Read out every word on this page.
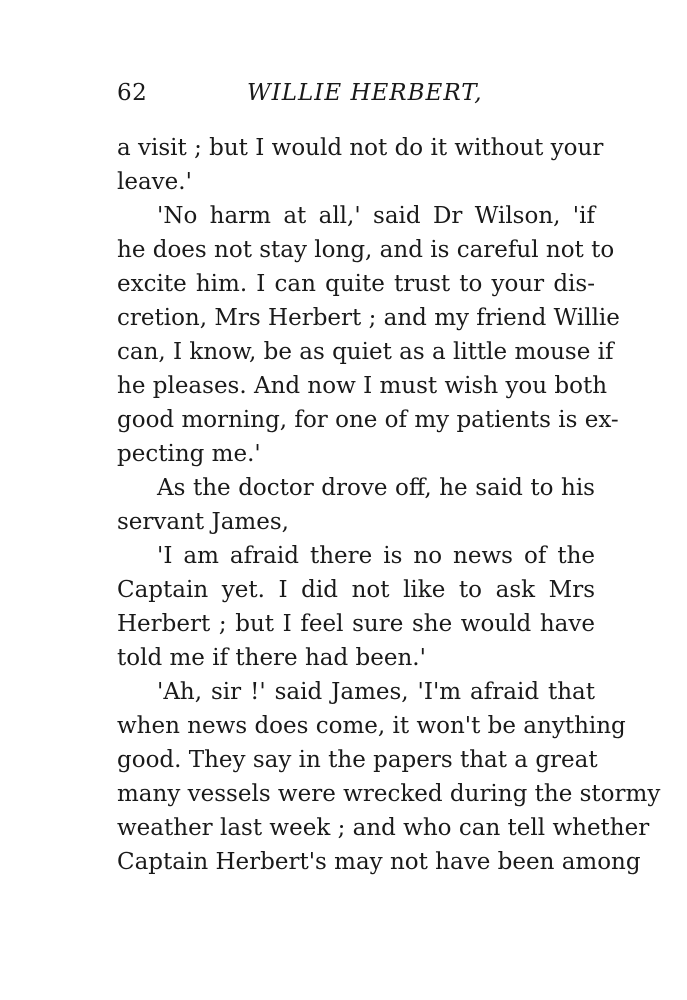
62	WILLIE HERBERT,
a visit ; but I would not do it without your
leave.'
'No harm at all,' said Dr Wilson, 'if
he does not stay long, and is careful not to
excite him. I can quite trust to your dis-
cretion, Mrs Herbert ; and my friend Willie
can, I know, be as quiet as a little mouse if
he pleases. And now I must wish you both
good morning, for one of my patients is ex-
pecting me.'
As the doctor drove off, he said to his
servant James,
'I am afraid there is no news of the
Captain yet. I did not like to ask Mrs
Herbert ; but I feel sure she would have
told me if there had been.'
'Ah, sir !' said James, 'I'm afraid that
when news does come, it won't be anything
good. They say in the papers that a great
many vessels were wrecked during the stormy
weather last week ; and who can tell whether
Captain Herbert's may not have been among
